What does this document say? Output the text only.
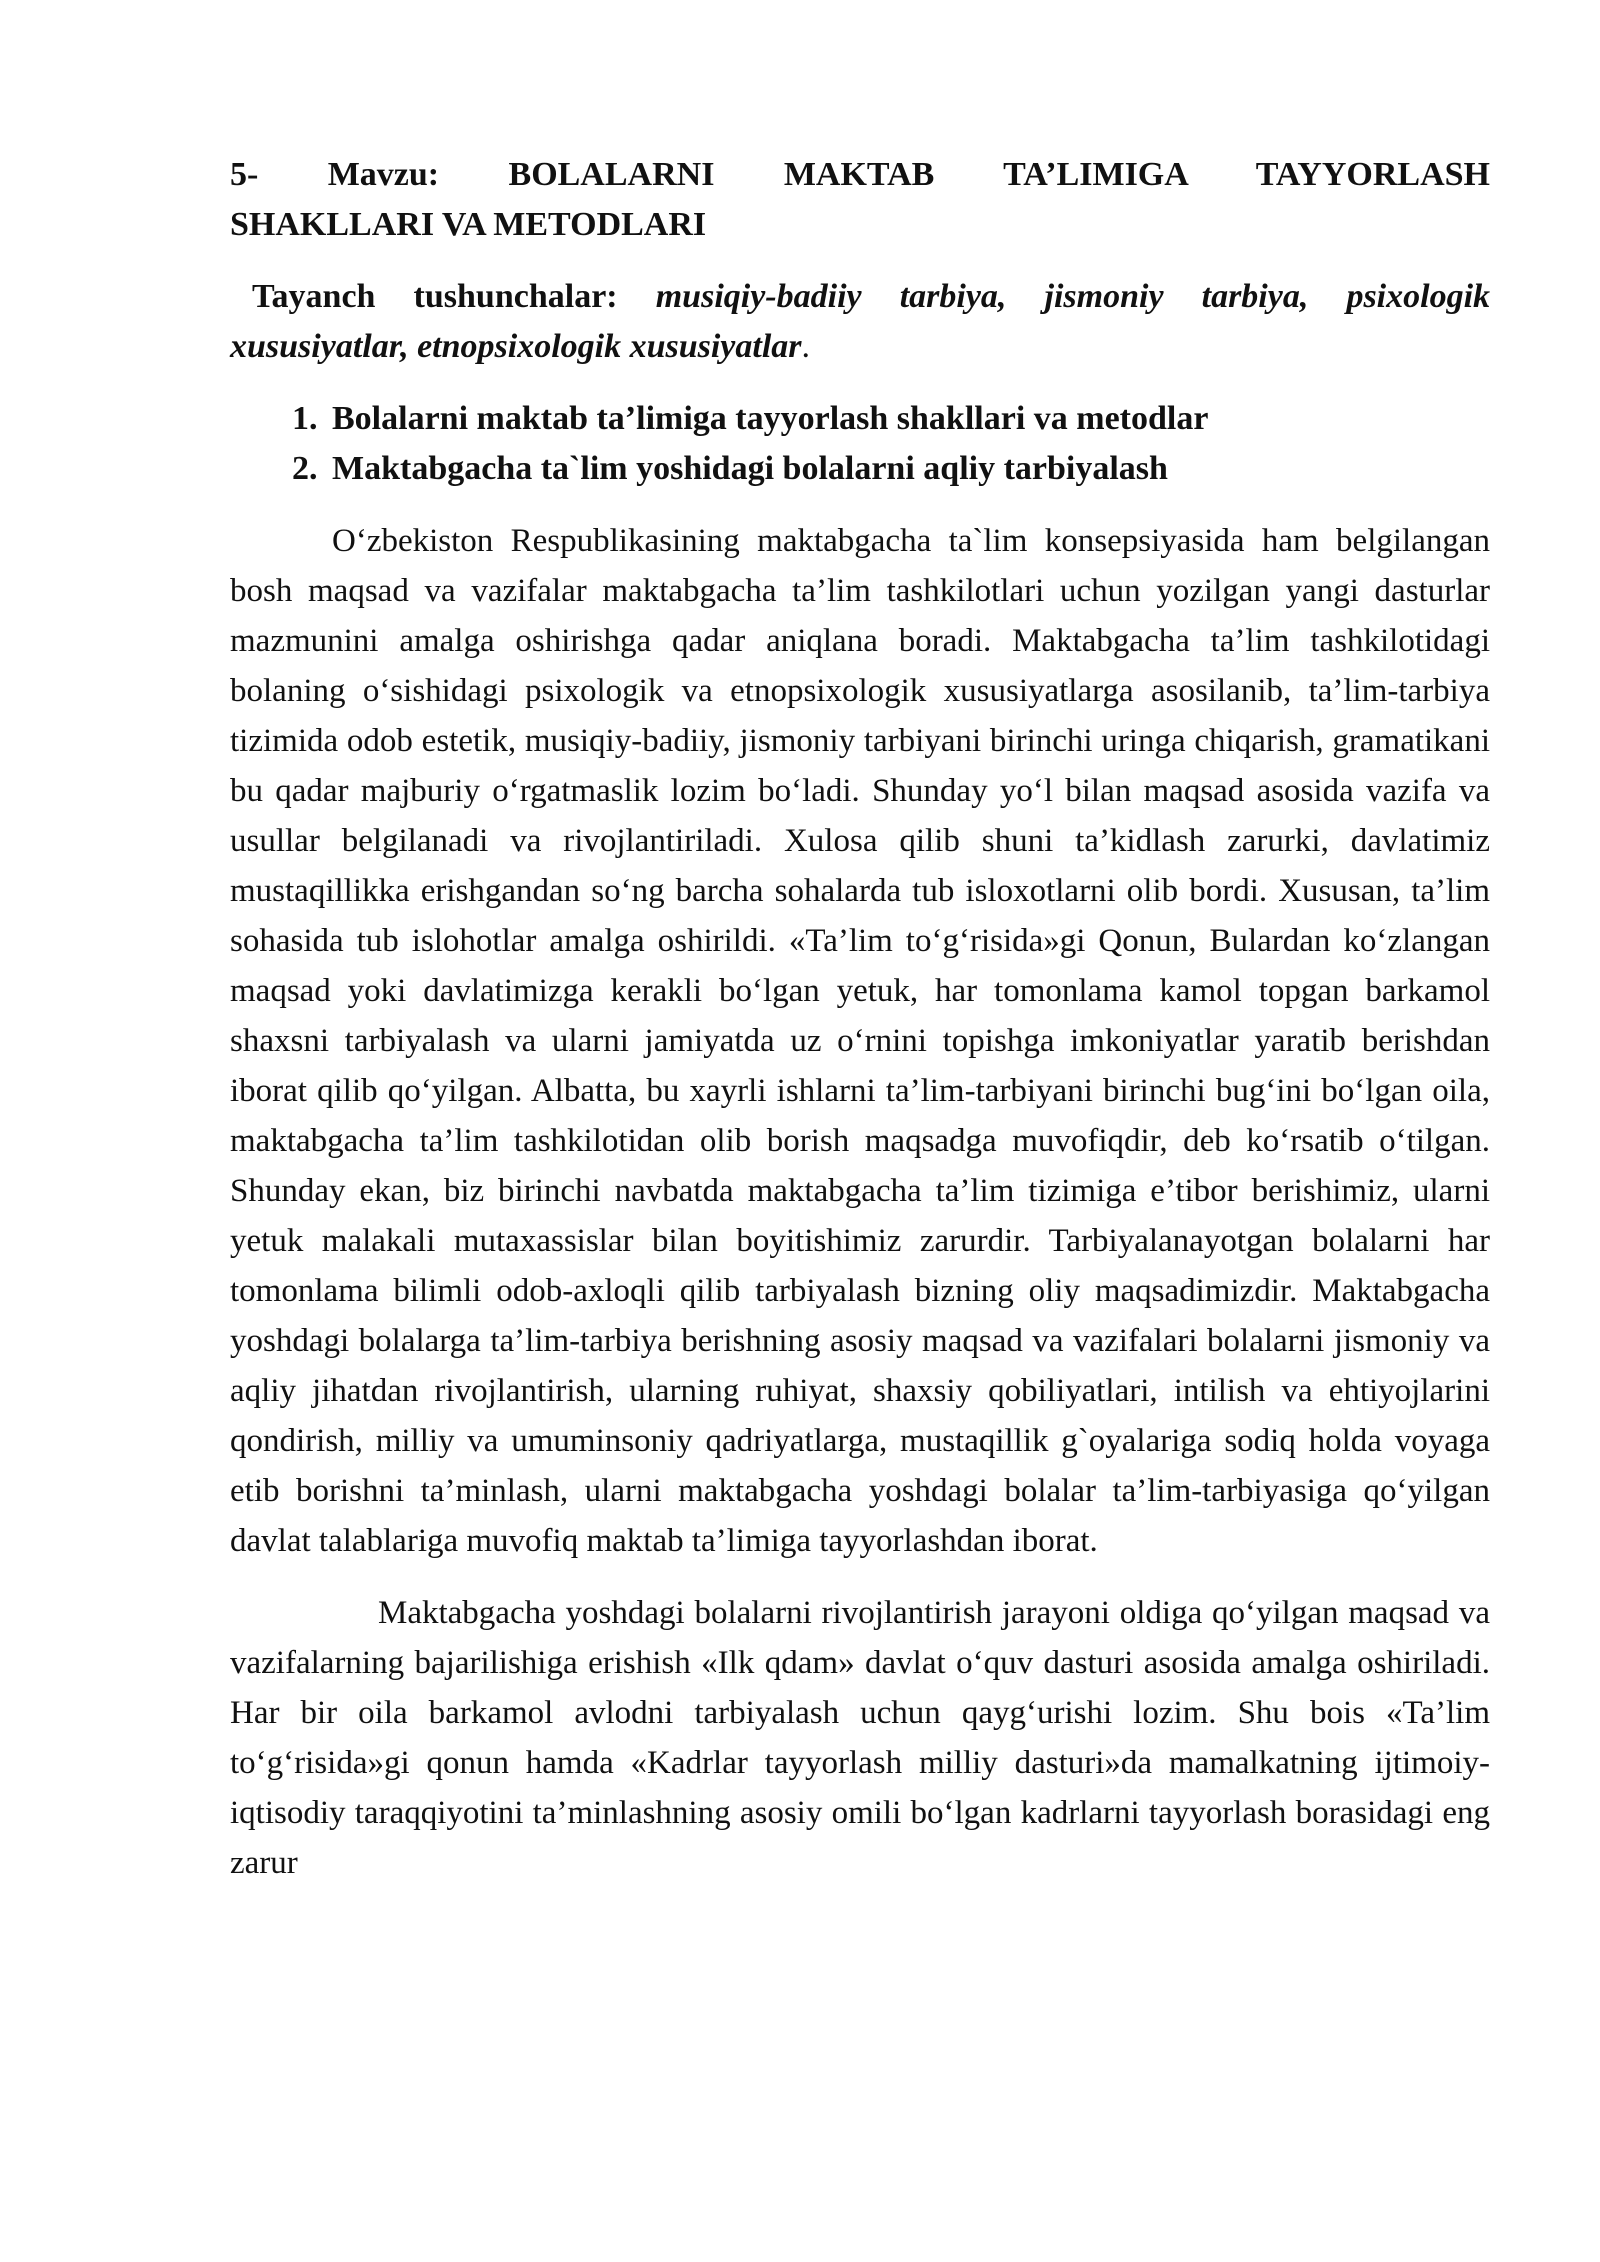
5- Mavzu: BOLALARNI MAKTAB TA’LIMIGA TAYYORLASH
SHAKLLARI VA METODLARI

Tayanch tushunchalar: musiqiy-badiiy tarbiya, jismoniy tarbiya, psixologik xususiyatlar, etnopsixologik xususiyatlar.

1. Bolalarni maktab ta’limiga tayyorlash shakllari va metodlar
2. Maktabgacha ta`lim yoshidagi bolalarni aqliy tarbiyalash

O‘zbekiston Respublikasining maktabgacha ta`lim konsepsiyasida ham belgilangan bosh maqsad va vazifalar maktabgacha ta’lim tashkilotlari uchun yozilgan yangi dasturlar mazmunini amalga oshirishga qadar aniqlana boradi. Maktabgacha ta’lim tashkilotidagi bolaning o‘sishidagi psixologik va etnopsixologik xususiyatlarga asosilanib, ta’lim-tarbiya tizimida odob estetik, musiqiy-badiiy, jismoniy tarbiyani birinchi uringa chiqarish, gramatikani bu qadar majburiy o‘rgatmaslik lozim bo‘ladi. Shunday yo‘l bilan maqsad asosida vazifa va usullar belgilanadi va rivojlantiriladi. Xulosa qilib shuni ta’kidlash zarurki, davlatimiz mustaqillikka erishgandan so‘ng barcha sohalarda tub isloxotlarni olib bordi. Xususan, ta’lim sohasida tub islohotlar amalga oshirildi. «Ta’lim to‘g‘risida»gi Qonun, Bulardan ko‘zlangan maqsad yoki davlatimizga kerakli bo‘lgan yetuk, har tomonlama kamol topgan barkamol shaxsni tarbiyalash va ularni jamiyatda uz o‘rnini topishga imkoniyatlar yaratib berishdan iborat qilib qo‘yilgan. Albatta, bu xayrli ishlarni ta’lim-tarbiyani birinchi bug‘ini bo‘lgan oila, maktabgacha ta’lim tashkilotidan olib borish maqsadga muvofiqdir, deb ko‘rsatib o‘tilgan. Shunday ekan, biz birinchi navbatda maktabgacha ta’lim tizimiga e’tibor berishimiz, ularni yetuk malakali mutaxassislar bilan boyitishimiz zarurdir. Tarbiyalanayotgan bolalarni har tomonlama bilimli odob-axloqli qilib tarbiyalash bizning oliy maqsadimizdir. Maktabgacha yoshdagi bolalarga ta’lim-tarbiya berishning asosiy maqsad va vazifalari bolalarni jismoniy va aqliy jihatdan rivojlantirish, ularning ruhiyat, shaxsiy qobiliyatlari, intilish va ehtiyojlarini qondirish, milliy va umuminsoniy qadriyatlarga, mustaqillik g`oyalariga sodiq holda voyaga etib borishni ta’minlash, ularni maktabgacha yoshdagi bolalar ta’lim-tarbiyasiga qo‘yilgan davlat talablariga muvofiq maktab ta’limiga tayyorlashdan iborat.

Maktabgacha yoshdagi bolalarni rivojlantirish jarayoni oldiga qo‘yilgan maqsad va vazifalarning bajarilishiga erishish «Ilk qdam» davlat o‘quv dasturi asosida amalga oshiriladi. Har bir oila barkamol avlodni tarbiyalash uchun qayg‘urishi lozim. Shu bois «Ta’lim to‘g‘risida»gi qonun hamda «Kadrlar tayyorlash milliy dasturi»da mamalkatning ijtimoiy-iqtisodiy taraqqiyotini ta’minlashning asosiy omili bo‘lgan kadrlarni tayyorlash borasidagi eng zarur
